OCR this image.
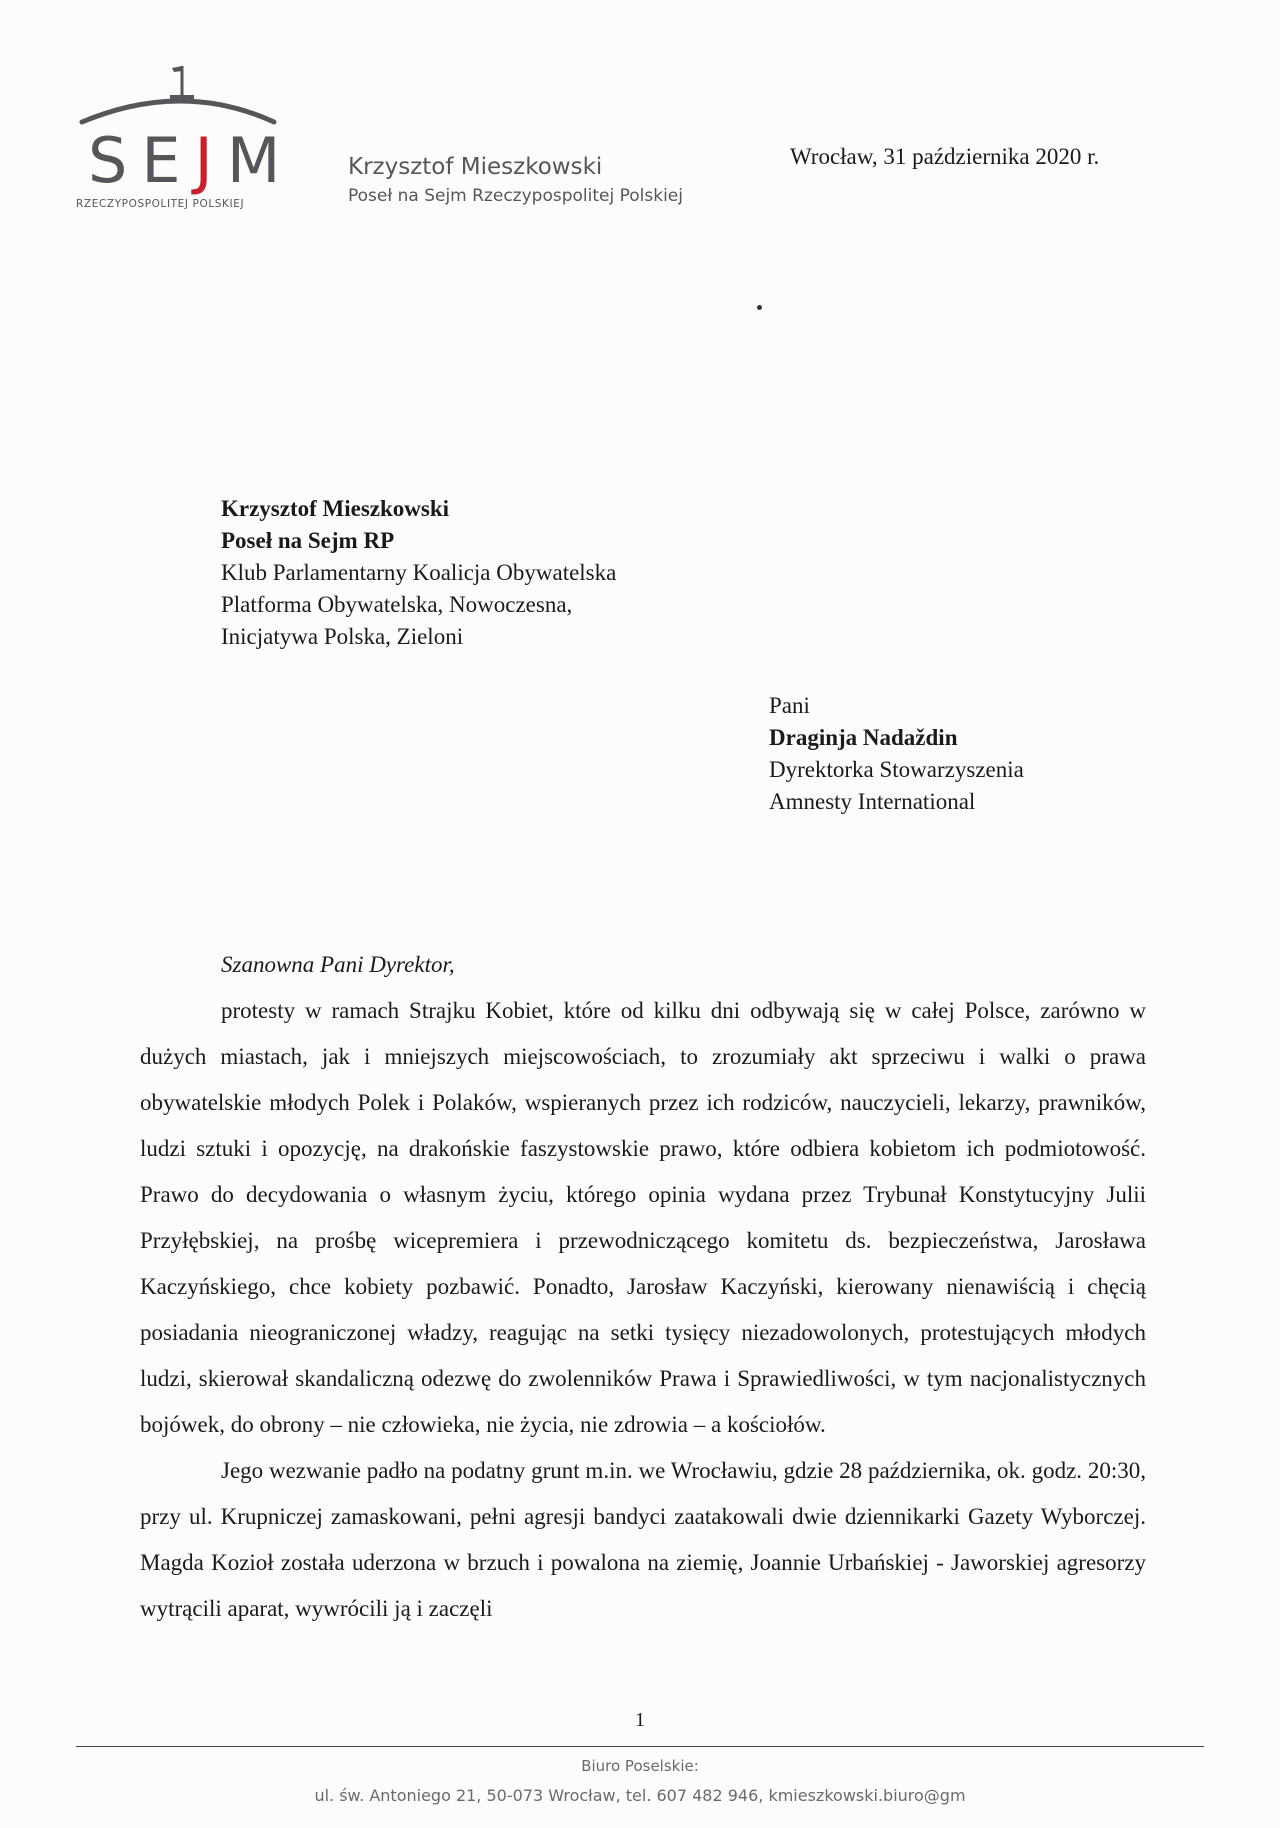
SEJM
RZECZYPOSPOLITEJ POLSKIEJ
Krzysztof Mieszkowski
Poseł na Sejm Rzeczypospolitej Polskiej
Wrocław, 31 października 2020 r.
Krzysztof Mieszkowski
Poseł na Sejm RP
Klub Parlamentarny Koalicja Obywatelska
Platforma Obywatelska, Nowoczesna,
Inicjatywa Polska, Zieloni
Pani
Draginja Nadaždin
Dyrektorka Stowarzyszenia
Amnesty International
Szanowna Pani Dyrektor,

protesty w ramach Strajku Kobiet, które od kilku dni odbywają się w całej Polsce, zarówno w dużych miastach, jak i mniejszych miejscowościach, to zrozumiały akt sprzeciwu i walki o prawa obywatelskie młodych Polek i Polaków, wspieranych przez ich rodziców, nauczycieli, lekarzy, prawników, ludzi sztuki i opozycję, na drakońskie faszystowskie prawo, które odbiera kobietom ich podmiotowość. Prawo do decydowania o własnym życiu, którego opinia wydana przez Trybunał Konstytucyjny Julii Przyłębskiej, na prośbę wicepremiera i przewodniczącego komitetu ds. bezpieczeństwa, Jarosława Kaczyńskiego, chce kobiety pozbawić. Ponadto, Jarosław Kaczyński, kierowany nienawiścią i chęcią posiadania nieograniczonej władzy, reagując na setki tysięcy niezadowolonych, protestujących młodych ludzi, skierował skandaliczną odezwę do zwolenników Prawa i Sprawiedliwości, w tym nacjonalistycznych bojówek, do obrony – nie człowieka, nie życia, nie zdrowia – a kościołów.

Jego wezwanie padło na podatny grunt m.in. we Wrocławiu, gdzie 28 października, ok. godz. 20:30, przy ul. Krupniczej zamaskowani, pełni agresji bandyci zaatakowali dwie dziennikarki Gazety Wyborczej. Magda Kozioł została uderzona w brzuch i powalona na ziemię, Joannie Urbańskiej - Jaworskiej agresorzy wytrącili aparat, wywrócili ją i zaczęli

1
Biuro Poselskie:
ul. św. Antoniego 21, 50-073 Wrocław, tel. 607 482 946, kmieszkowski.biuro@gm
